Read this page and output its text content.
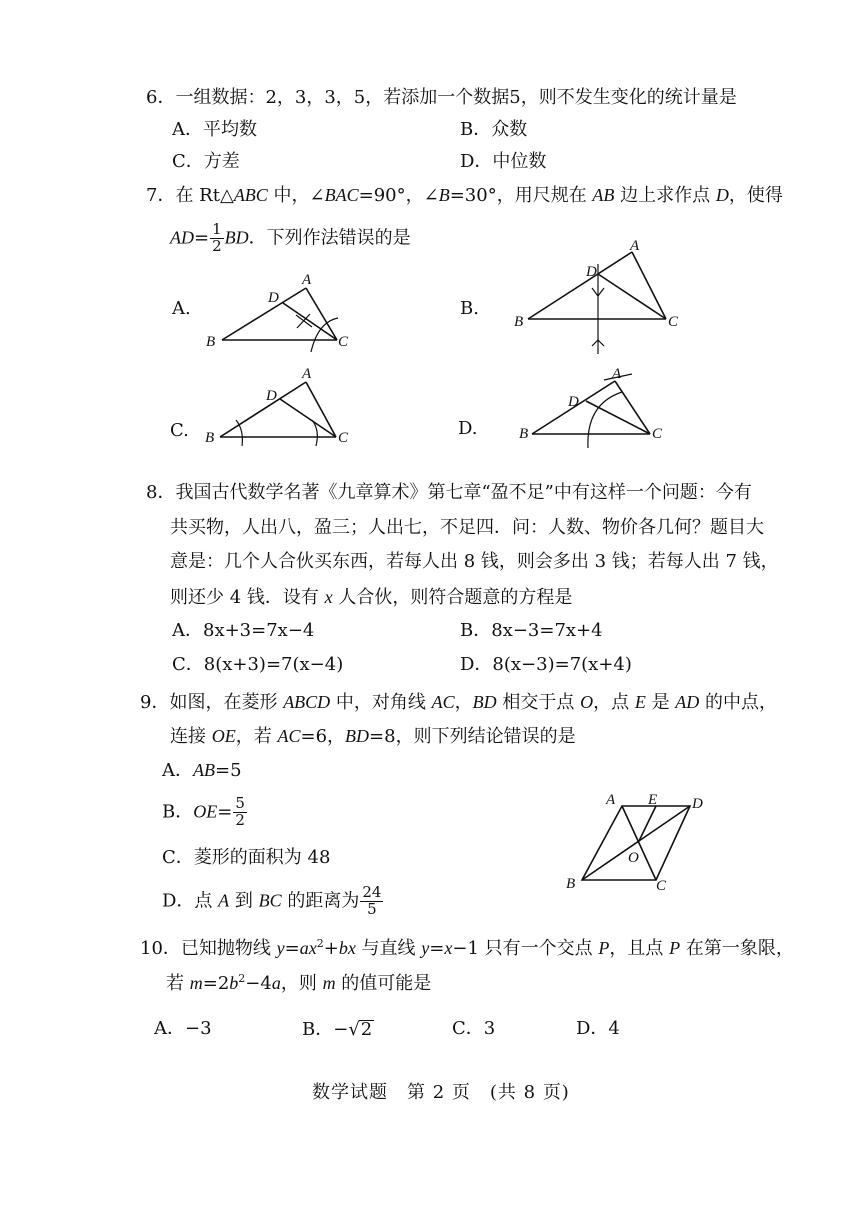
6．一组数据：2，3，3，5，若添加一个数据5，则不发生变化的统计量是
A．平均数	B．众数
C．方差	D．中位数
7．在 Rt△ABC 中，∠BAC=90°，∠B=30°，用尺规在 AB 边上求作点 D，使得
$AD= \frac{1}{2}$ BD．下列作法错误的是
A.	B.
C.	D.
A
D
B	C
A
D
B	C
A
D
B	C
A
D
B	C
8．我国古代数学名著《九章算术》第七章“盈不足”中有这样一个问题：今有
共买物，人出八，盈三；人出七，不足四．问：人数、物价各几何？题目大
意是：几个人合伙买东西，若每人出 8 钱，则会多出 3 钱；若每人出 7 钱，
则还少 4 钱．设有 x 人合伙，则符合题意的方程是
A．8x+3=7x−4	B．8x−3=7x+4
C．8(x+3)=7(x−4)	D．8(x−3)=7(x+4)
9．如图，在菱形 ABCD 中，对角线 AC，BD 相交于点 O，点 E 是 AD 的中点，
连接 OE，若 AC=6，BD=8，则下列结论错误的是
A．AB=5
B．$OE= \frac{5}{2}$
C．菱形的面积为 48
D．点 A 到 BC 的距离为 $\frac{24}{5}$
A E D
O
B	C
10．已知抛物线 $y=ax^2+bx$ 与直线 y=x−1 只有一个交点 P，且点 P 在第一象限，
若 $m=2b^2-4a$，则 m 的值可能是
A．−3	B．−√2	C．3	D．4
数学试题　第 2 页　(共 8 页)
